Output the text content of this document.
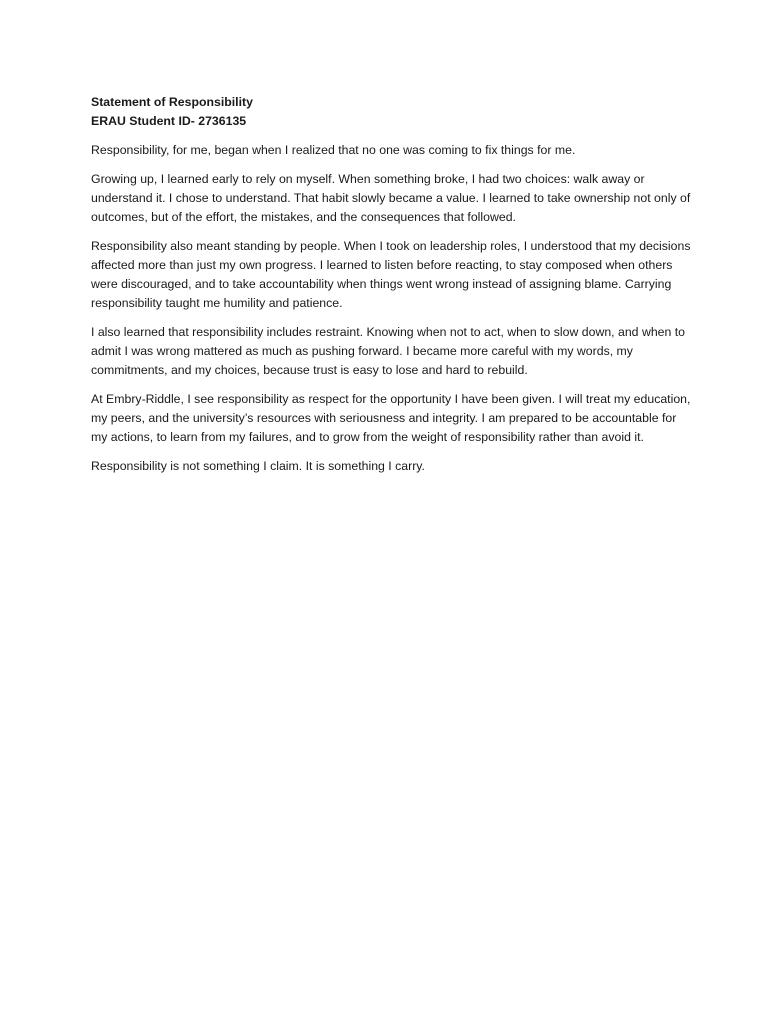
Statement of Responsibility
ERAU Student ID- 2736135

Responsibility, for me, began when I realized that no one was coming to fix things for me.

Growing up, I learned early to rely on myself. When something broke, I had two choices: walk away or understand it. I chose to understand. That habit slowly became a value. I learned to take ownership not only of outcomes, but of the effort, the mistakes, and the consequences that followed.

Responsibility also meant standing by people. When I took on leadership roles, I understood that my decisions affected more than just my own progress. I learned to listen before reacting, to stay composed when others were discouraged, and to take accountability when things went wrong instead of assigning blame. Carrying responsibility taught me humility and patience.

I also learned that responsibility includes restraint. Knowing when not to act, when to slow down, and when to admit I was wrong mattered as much as pushing forward. I became more careful with my words, my commitments, and my choices, because trust is easy to lose and hard to rebuild.

At Embry-Riddle, I see responsibility as respect for the opportunity I have been given. I will treat my education, my peers, and the university’s resources with seriousness and integrity. I am prepared to be accountable for my actions, to learn from my failures, and to grow from the weight of responsibility rather than avoid it.

Responsibility is not something I claim. It is something I carry.
